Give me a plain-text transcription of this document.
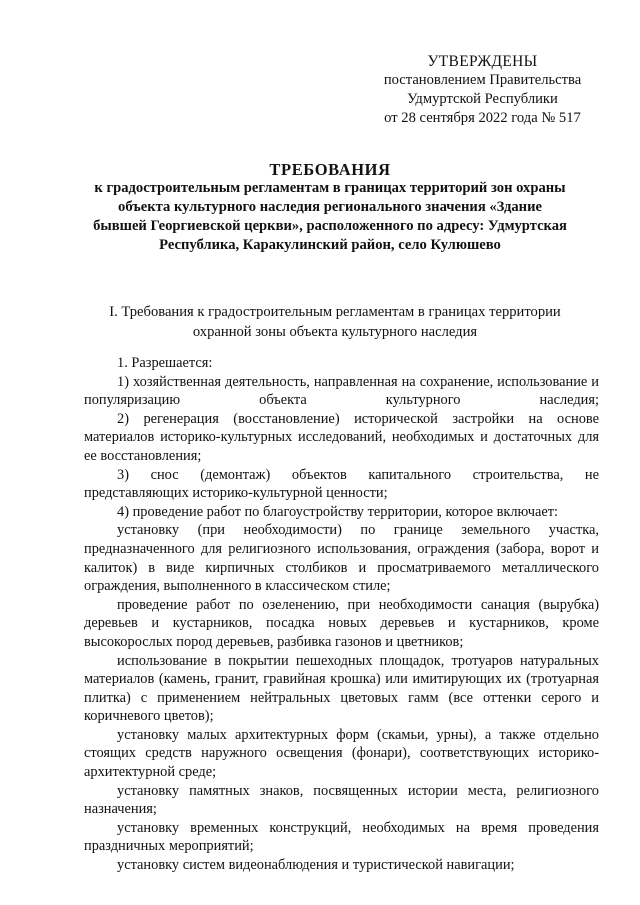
УТВЕРЖДЕНЫ
постановлением Правительства
Удмуртской Республики
от 28 сентября 2022 года № 517
ТРЕБОВАНИЯ
к градостроительным регламентам в границах территорий зон охраны объекта культурного наследия регионального значения «Здание бывшей Георгиевской церкви», расположенного по адресу: Удмуртская Республика, Каракулинский район, село Кулюшево
I. Требования к градостроительным регламентам в границах территории охранной зоны объекта культурного наследия

1. Разрешается:

1) хозяйственная деятельность, направленная на сохранение, использование и популяризацию объекта культурного наследия;

2) регенерация (восстановление) исторической застройки на основе материалов историко-культурных исследований, необходимых и достаточных для ее восстановления;

3) снос (демонтаж) объектов капитального строительства, не представляющих историко-культурной ценности;

4) проведение работ по благоустройству территории, которое включает:

установку (при необходимости) по границе земельного участка, предназначенного для религиозного использования, ограждения (забора, ворот и калиток) в виде кирпичных столбиков и просматриваемого металлического ограждения, выполненного в классическом стиле;

проведение работ по озеленению, при необходимости санация (вырубка) деревьев и кустарников, посадка новых деревьев и кустарников, кроме высокорослых пород деревьев, разбивка газонов и цветников;

использование в покрытии пешеходных площадок, тротуаров натуральных материалов (камень, гранит, гравийная крошка) или имитирующих их (тротуарная плитка) с применением нейтральных цветовых гамм (все оттенки серого и коричневого цветов);

установку малых архитектурных форм (скамьи, урны), а также отдельно стоящих средств наружного освещения (фонари), соответствующих историко-архитектурной среде;

установку памятных знаков, посвященных истории места, религиозного назначения;

установку временных конструкций, необходимых на время проведения праздничных мероприятий;

установку систем видеонаблюдения и туристической навигации;
